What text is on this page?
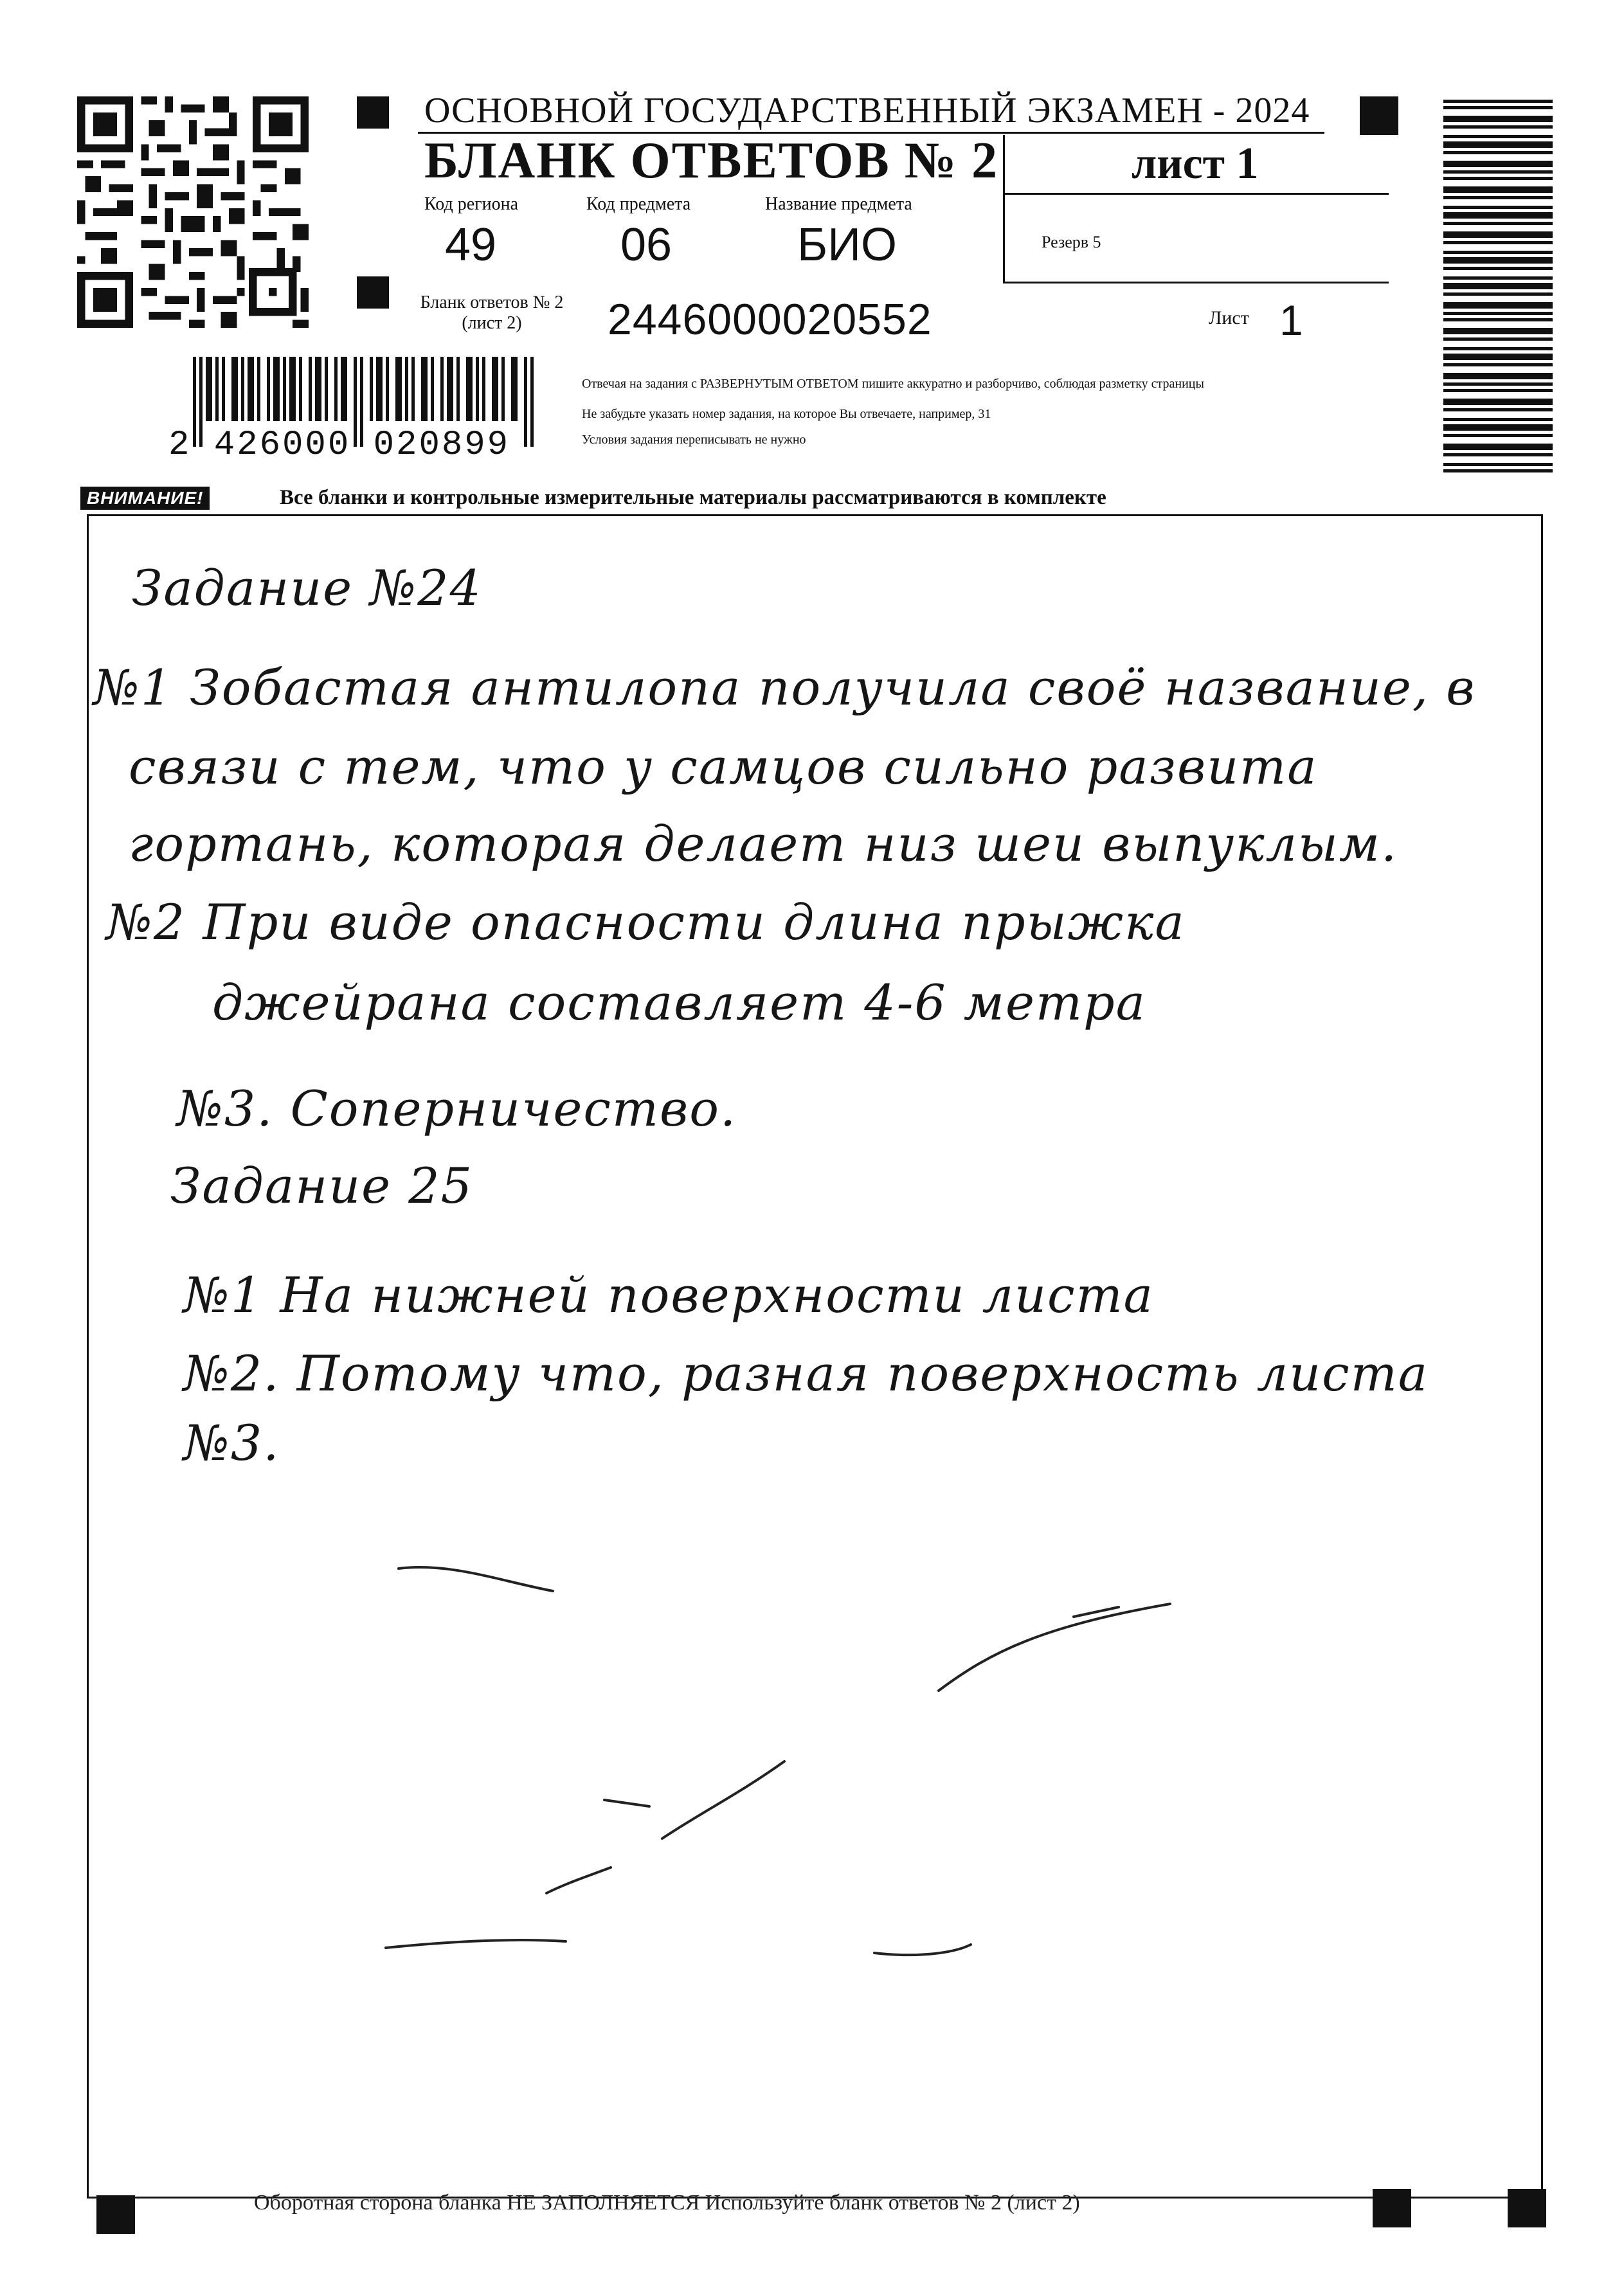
ОСНОВНОЙ ГОСУДАРСТВЕННЫЙ ЭКЗАМЕН - 2024
БЛАНК ОТВЕТОВ № 2	лист 1
Код региона
49
Код предмета
06
Название предмета
БИО	Резерв 5
Бланк ответов № 2
(лист 2)	2446000020552	Лист 1
Отвечая на задания с РАЗВЕРНУТЫМ ОТВЕТОМ пишите аккуратно и разборчиво, соблюдая разметку страницы
Не забудьте указать номер задания, на которое Вы отвечаете, например, 31
Условия задания переписывать не нужно
2 426000 020899
ВНИМАНИЕ!	Все бланки и контрольные измерительные материалы рассматриваются в комплекте
Задание №24
№1 Зобастая антилопа получила своё название, в
связи с тем, что у самцов сильно развита
гортань, которая делает низ шеи выпуклым.
№2 При виде опасности длина прыжка
джейрана составляет 4-6 метра
№3. Соперничество.
Задание 25
№1 На нижней поверхности листа
№2. Потому что, разная поверхность листа
№3.
Оборотная сторона бланка НЕ ЗАПОЛНЯЕТСЯ Используйте бланк ответов № 2 (лист 2)
